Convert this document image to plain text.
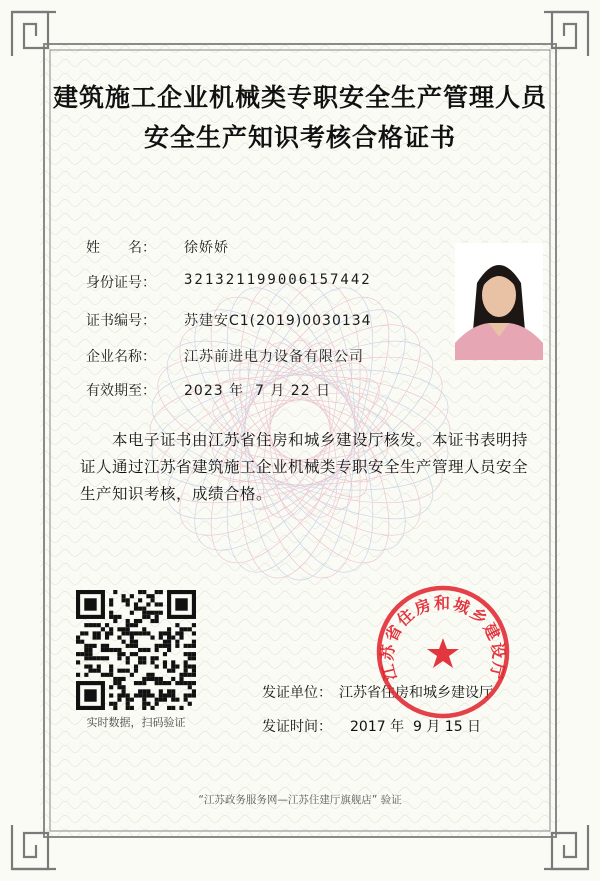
建筑施工企业机械类专职安全生产管理人员
安全生产知识考核合格证书
姓　　名： 徐娇娇
身份证号： 321321199006157442
证书编号： 苏建安C1(2019)0030134
企业名称： 江苏前进电力设备有限公司
有效期至： 2023 年  7 月 22 日
本电子证书由江苏省住房和城乡建设厅核发。本证书表明持证人通过江苏省建筑施工企业机械类专职安全生产管理人员安全生产知识考核，成绩合格。
实时数据，扫码验证
发证单位： 江苏省住房和城乡建设厅
发证时间： 2017 年  9 月 15 日
江苏省住房和城乡建设厅
“江苏政务服务网—江苏住建厅旗舰店” 验证
